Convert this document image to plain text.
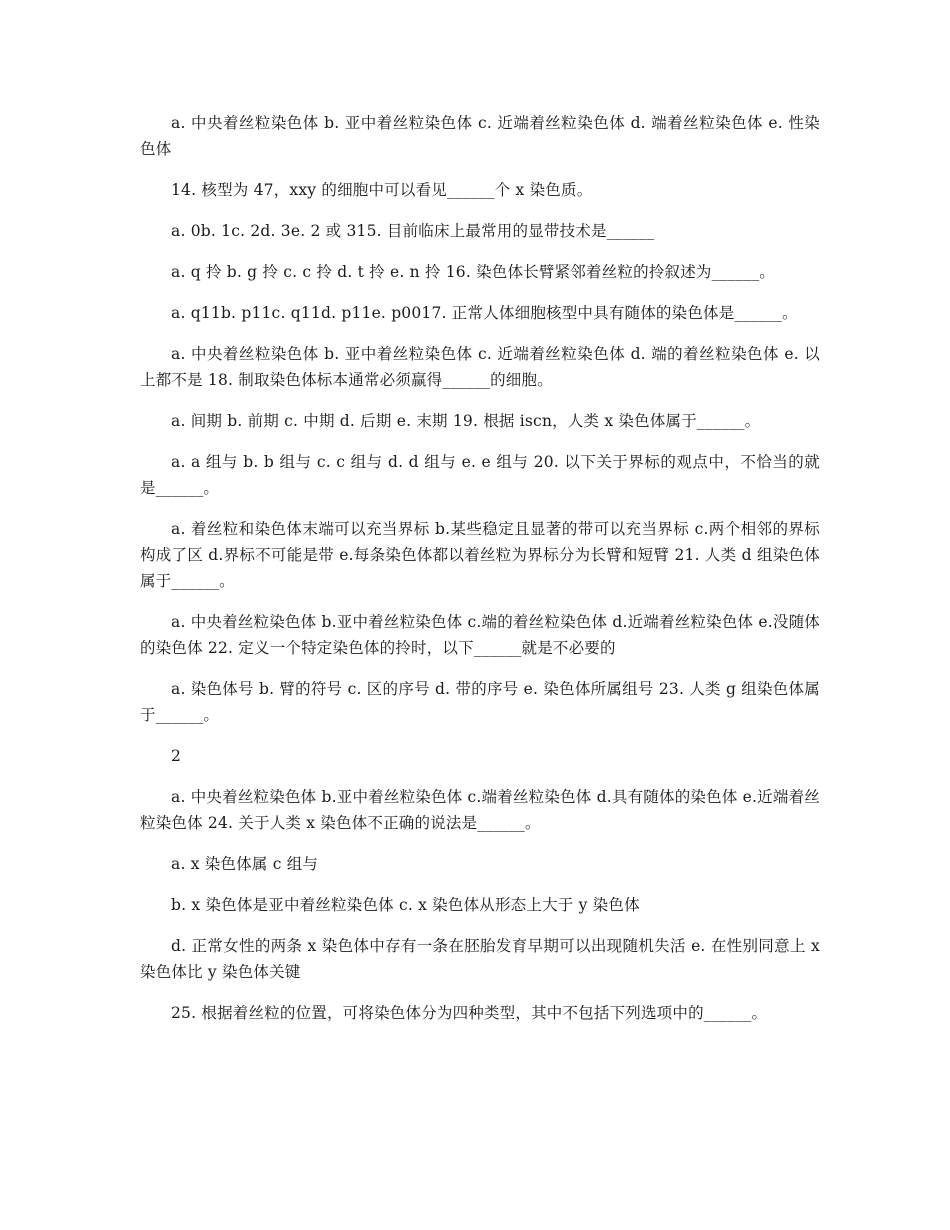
a. 中央着丝粒染色体 b. 亚中着丝粒染色体 c. 近端着丝粒染色体 d. 端着丝粒染色体 e. 性染色体

14. 核型为 47，xxy 的细胞中可以看见______个 x 染色质。

a. 0b. 1c. 2d. 3e. 2 或 315. 目前临床上最常用的显带技术是______

a. q 拎 b. g 拎 c. c 拎 d. t 拎 e. n 拎 16. 染色体长臂紧邻着丝粒的拎叙述为______。

a. q11b. p11c. q11d. p11e. p0017. 正常人体细胞核型中具有随体的染色体是______。

a. 中央着丝粒染色体 b. 亚中着丝粒染色体 c. 近端着丝粒染色体 d. 端的着丝粒染色体 e. 以上都不是 18. 制取染色体标本通常必须赢得______的细胞。

a. 间期 b. 前期 c. 中期 d. 后期 e. 末期 19. 根据 iscn，人类 x 染色体属于______。

a. a 组与 b. b 组与 c. c 组与 d. d 组与 e. e 组与 20. 以下关于界标的观点中，不恰当的就是______。

a. 着丝粒和染色体末端可以充当界标 b.某些稳定且显著的带可以充当界标 c.两个相邻的界标构成了区 d.界标不可能是带 e.每条染色体都以着丝粒为界标分为长臂和短臂 21. 人类 d 组染色体属于______。

a. 中央着丝粒染色体 b.亚中着丝粒染色体 c.端的着丝粒染色体 d.近端着丝粒染色体 e.没随体的染色体 22. 定义一个特定染色体的拎时，以下______就是不必要的

a. 染色体号 b. 臂的符号 c. 区的序号 d. 带的序号 e. 染色体所属组号 23. 人类 g 组染色体属于______。

2

a. 中央着丝粒染色体 b.亚中着丝粒染色体 c.端着丝粒染色体 d.具有随体的染色体 e.近端着丝粒染色体 24. 关于人类 x 染色体不正确的说法是______。

a. x 染色体属 c 组与

b. x 染色体是亚中着丝粒染色体 c. x 染色体从形态上大于 y 染色体

d. 正常女性的两条 x 染色体中存有一条在胚胎发育早期可以出现随机失活 e. 在性别同意上 x 染色体比 y 染色体关键

25. 根据着丝粒的位置，可将染色体分为四种类型，其中不包括下列选项中的______。
